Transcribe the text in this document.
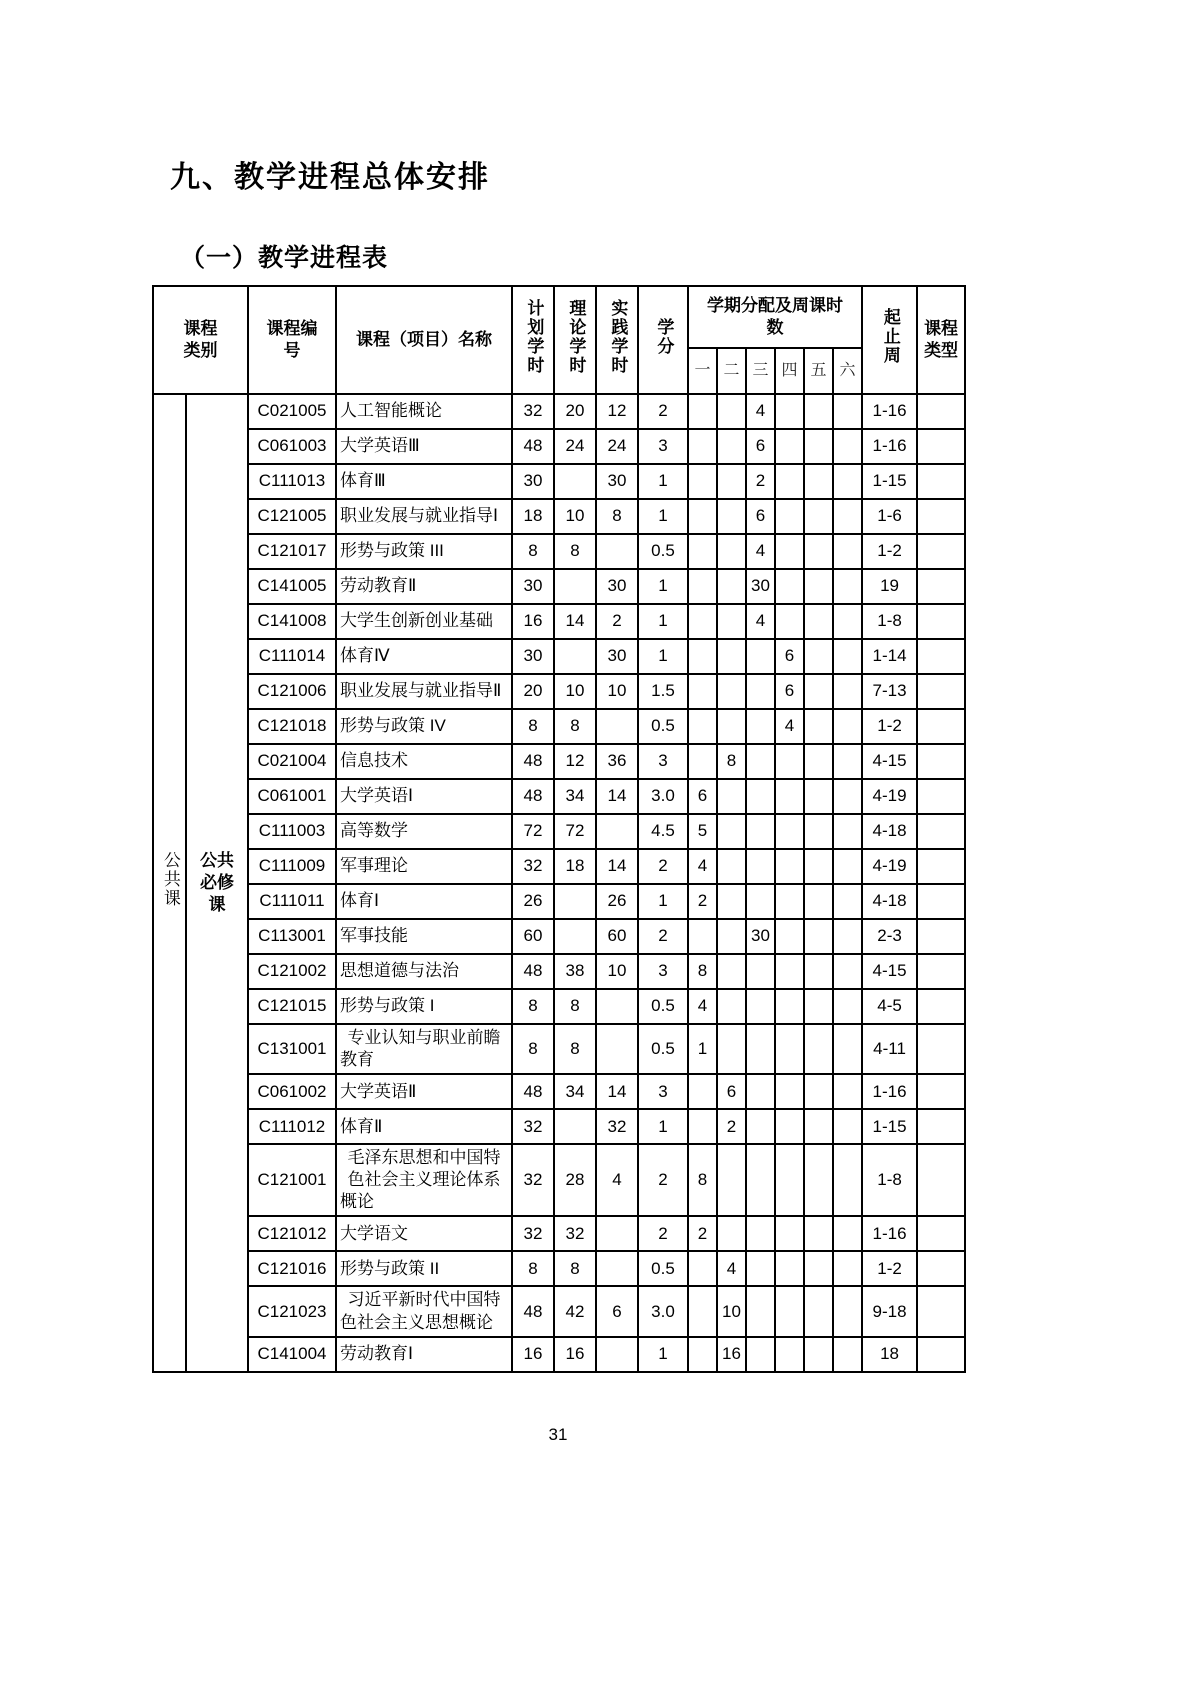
九、教学进程总体安排
（一）教学进程表
课程类别		课程编号	课程（项目）名称	计划学时	理论学时	实践学时	学分	学期分配及周课时数						起止周	课程类型
								一	二	三	四	五	六		
公共课	公共必修课	C021005	人工智能概论	32	20	12	2			4				1-16	
		C061003	大学英语Ⅲ	48	24	24	3			6				1-16	
		C111013	体育Ⅲ	30		30	1			2				1-15	
		C121005	职业发展与就业指导Ⅰ	18	10	8	1			6				1-6	
		C121017	形势与政策 III	8	8		0.5			4				1-2	
		C141005	劳动教育Ⅱ	30		30	1			30				19	
		C141008	大学生创新创业基础	16	14	2	1			4				1-8	
		C111014	体育Ⅳ	30		30	1				6			1-14	
		C121006	职业发展与就业指导Ⅱ	20	10	10	1.5				6			7-13	
		C121018	形势与政策 IV	8	8		0.5				4			1-2	
		C021004	信息技术	48	12	36	3		8					4-15	
		C061001	大学英语Ⅰ	48	34	14	3.0	6						4-19	
		C111003	高等数学	72	72		4.5	5						4-18	
		C111009	军事理论	32	18	14	2	4						4-19	
		C111011	体育Ⅰ	26		26	1	2						4-18	
		C113001	军事技能	60		60	2			30				2-3	
		C121002	思想道德与法治	48	38	10	3	8						4-15	
		C121015	形势与政策 I	8	8		0.5	4						4-5	
		C131001	专业认知与职业前瞻教育	8	8		0.5	1						4-11	
		C061002	大学英语Ⅱ	48	34	14	3		6					1-16	
		C111012	体育Ⅱ	32		32	1		2					1-15	
		C121001	毛泽东思想和中国特色社会主义理论体系概论	32	28	4	2	8						1-8	
		C121012	大学语文	32	32		2	2						1-16	
		C121016	形势与政策 II	8	8		0.5		4					1-2	
		C121023	习近平新时代中国特色社会主义思想概论	48	42	6	3.0		10					9-18	
		C141004	劳动教育Ⅰ	16	16		1		16					18	
31
